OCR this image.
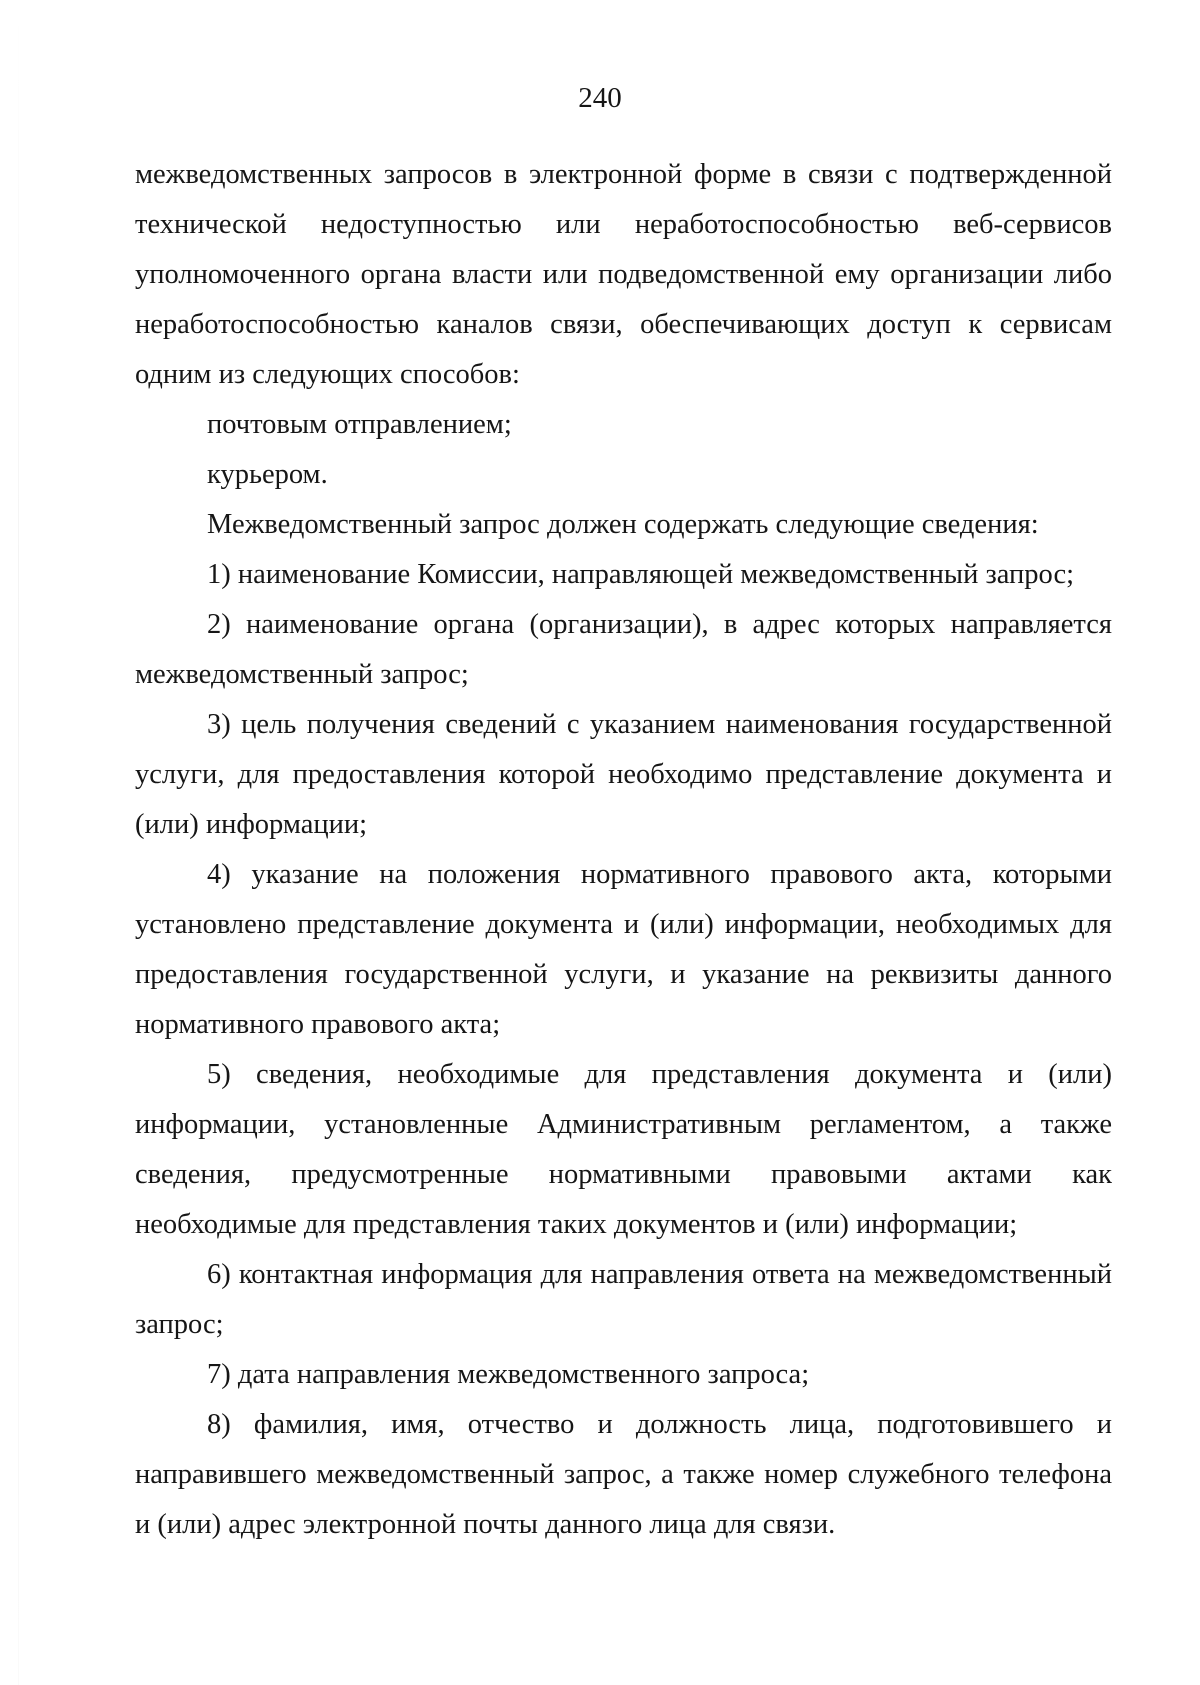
240

межведомственных запросов в электронной форме в связи с подтвержденной технической недоступностью или неработоспособностью веб-сервисов уполномоченного органа власти или подведомственной ему организации либо неработоспособностью каналов связи, обеспечивающих доступ к сервисам одним из следующих способов:

почтовым отправлением;

курьером.

Межведомственный запрос должен содержать следующие сведения:

1) наименование Комиссии, направляющей межведомственный запрос;

2) наименование органа (организации), в адрес которых направляется межведомственный запрос;

3) цель получения сведений с указанием наименования государственной услуги, для предоставления которой необходимо представление документа и (или) информации;

4) указание на положения нормативного правового акта, которыми установлено представление документа и (или) информации, необходимых для предоставления государственной услуги, и указание на реквизиты данного нормативного правового акта;

5) сведения, необходимые для представления документа и (или) информации, установленные Административным регламентом, а также сведения, предусмотренные нормативными правовыми актами как необходимые для представления таких документов и (или) информации;

6) контактная информация для направления ответа на межведомственный запрос;

7) дата направления межведомственного запроса;

8) фамилия, имя, отчество и должность лица, подготовившего и направившего межведомственный запрос, а также номер служебного телефона и (или) адрес электронной почты данного лица для связи.
